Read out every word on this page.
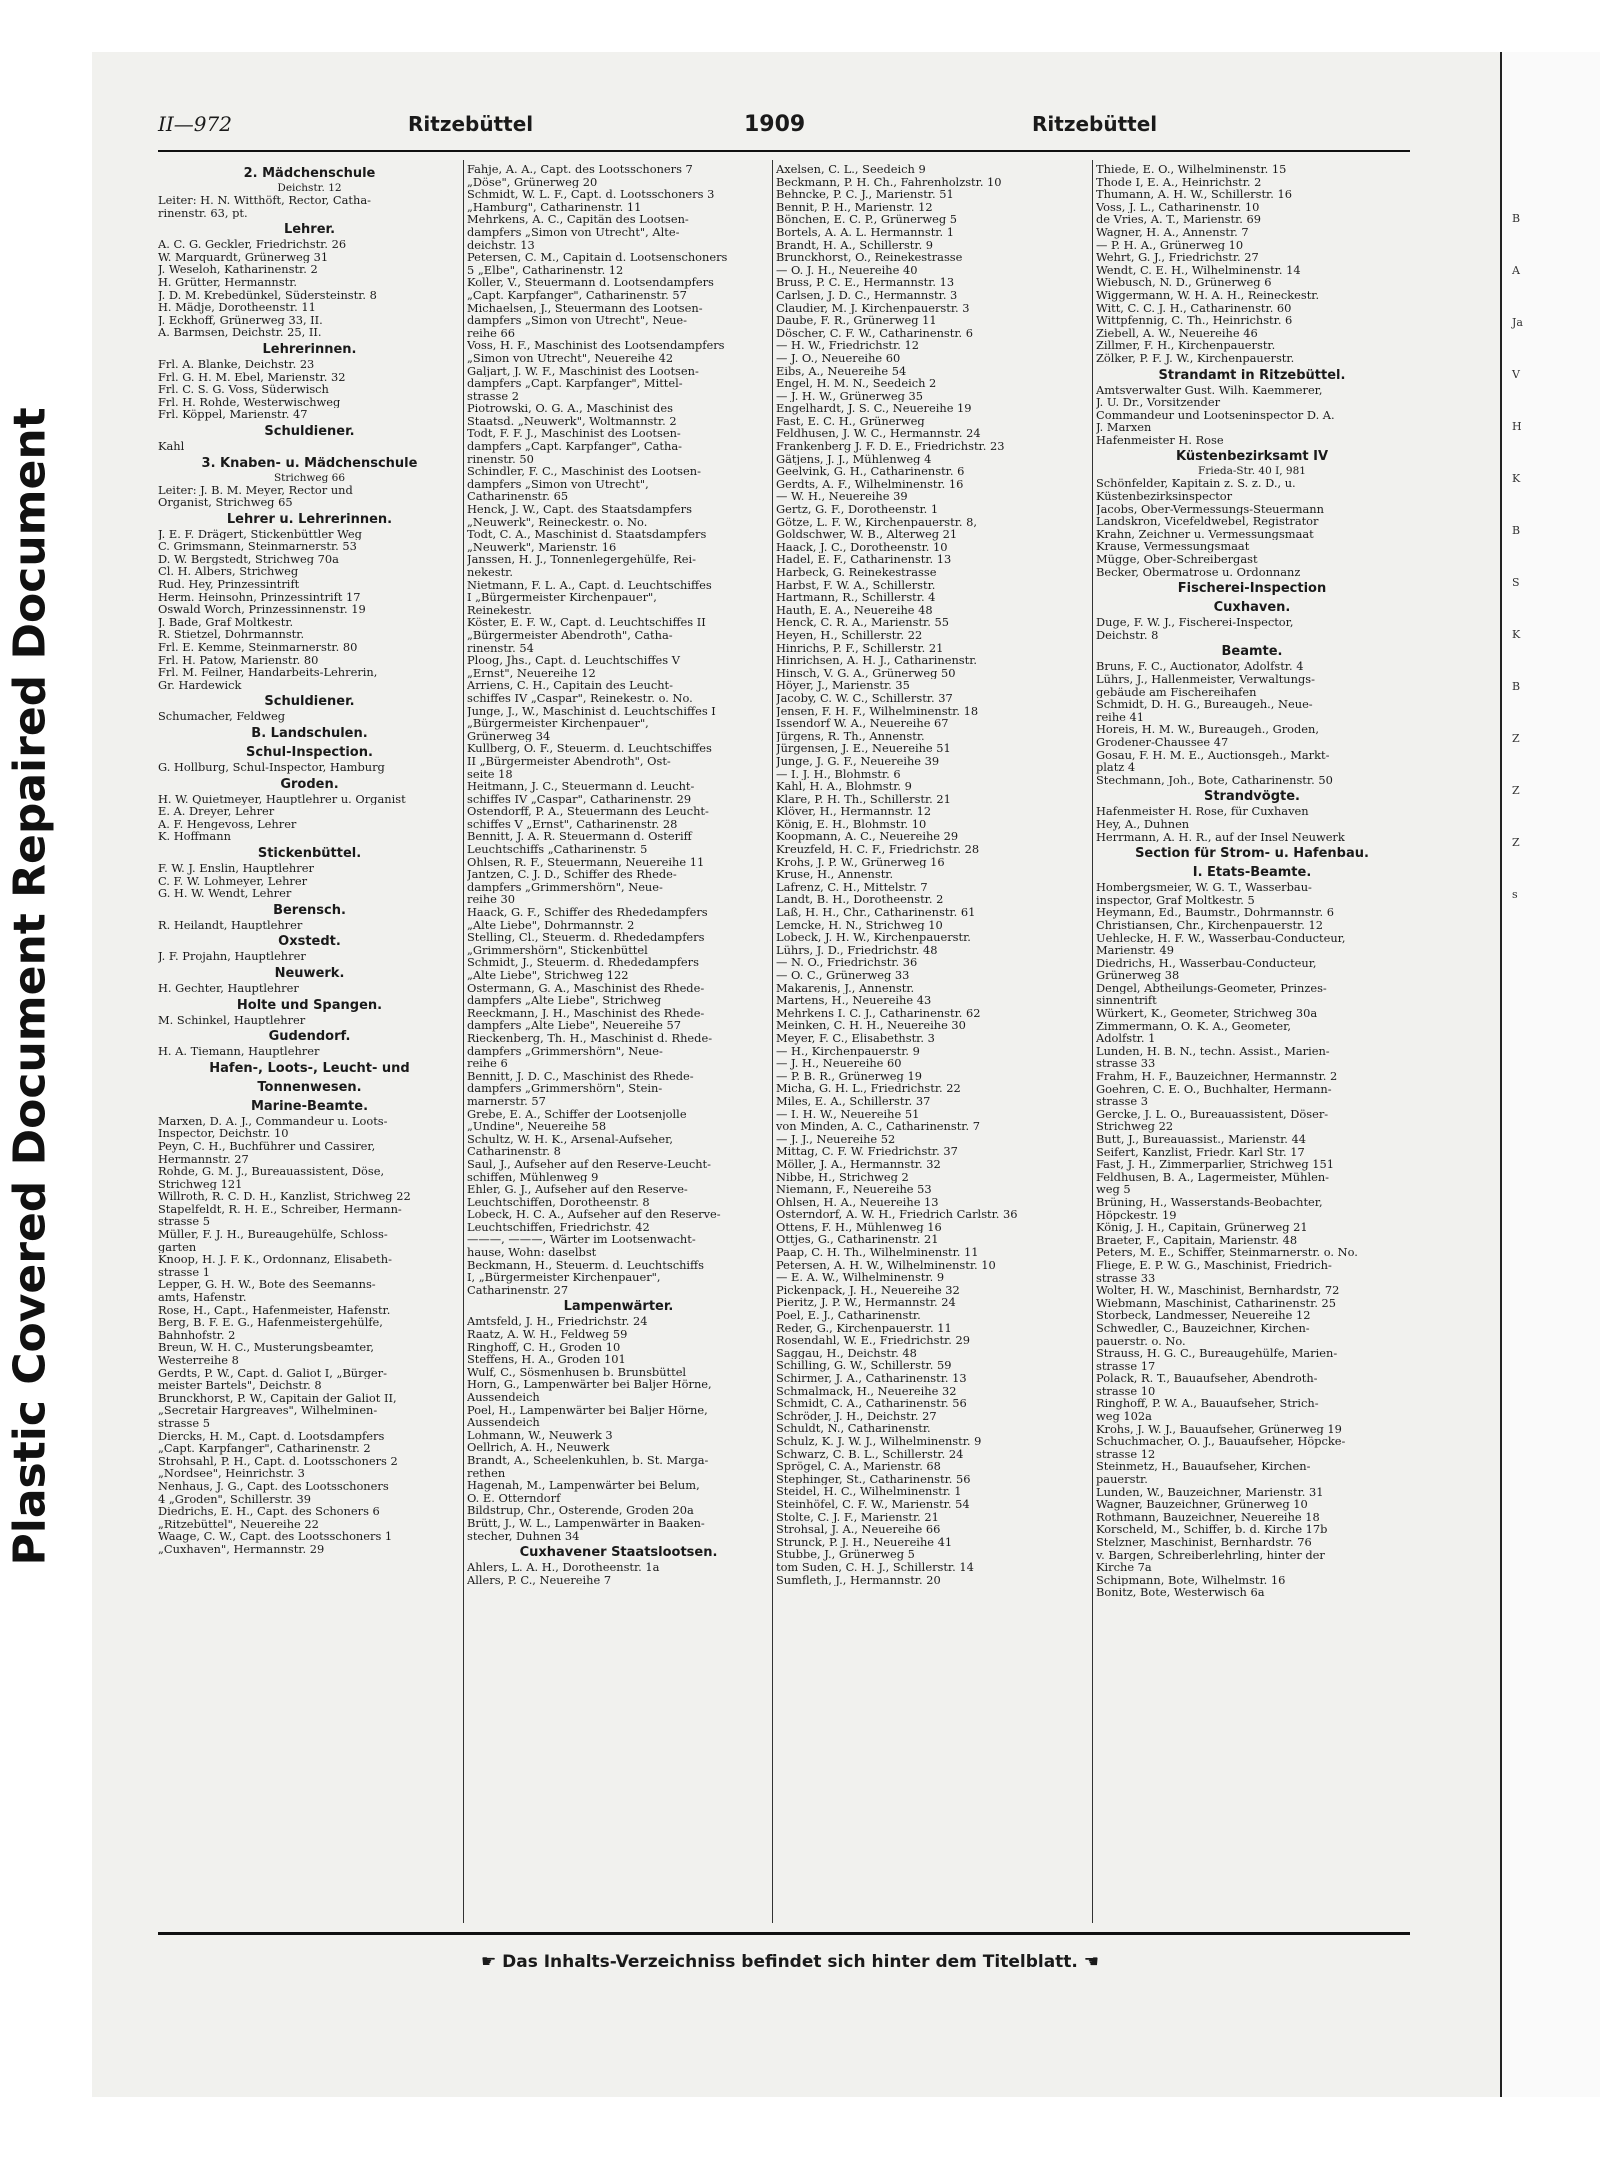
B
A
Ja
V
H
K
B
S
K
B
Z
Z
Z
s
Plastic Covered Document Repaired Document
II—972	Ritzebüttel	1909	Ritzebüttel
2. Mädchenschule
Deichstr. 12
Leiter: H. N. Witthöft, Rector, Catha-
rinenstr. 63, pt.
Lehrer.
A. C. G. Geckler, Friedrichstr. 26
W. Marquardt, Grünerweg 31
J. Weseloh, Katharinenstr. 2
H. Grütter, Hermannstr.
J. D. M. Krebedünkel, Südersteinstr. 8
H. Mädje, Dorotheenstr. 11
J. Eckhoff, Grünerweg 33, II.
A. Barmsen, Deichstr. 25, II.
Lehrerinnen.
Frl. A. Blanke, Deichstr. 23
Frl. G. H. M. Ebel, Marienstr. 32
Frl. C. S. G. Voss, Süderwisch
Frl. H. Rohde, Westerwischweg
Frl. Köppel, Marienstr. 47
Schuldiener.
Kahl
3. Knaben- u. Mädchenschule
Strichweg 66
Leiter: J. B. M. Meyer, Rector und
Organist, Strichweg 65
Lehrer u. Lehrerinnen.
J. E. F. Drägert, Stickenbüttler Weg
C. Grimsmann, Steinmarnerstr. 53
D. W. Bergstedt, Strichweg 70a
Cl. H. Albers, Strichweg
Rud. Hey, Prinzessintrift
Herm. Heinsohn, Prinzessintrift 17
Oswald Worch, Prinzessinnenstr. 19
J. Bade, Graf Moltkestr.
R. Stietzel, Dohrmannstr.
Frl. E. Kemme, Steinmarnerstr. 80
Frl. H. Patow, Marienstr. 80
Frl. M. Feilner, Handarbeits-Lehrerin,
Gr. Hardewick
Schuldiener.
Schumacher, Feldweg
B. Landschulen.
Schul-Inspection.
G. Hollburg, Schul-Inspector, Hamburg
Groden.
H. W. Quietmeyer, Hauptlehrer u. Organist
E. A. Dreyer, Lehrer
A. F. Hengevoss, Lehrer
K. Hoffmann
Stickenbüttel.
F. W. J. Enslin, Hauptlehrer
C. F. W. Lohmeyer, Lehrer
G. H. W. Wendt, Lehrer
Berensch.
R. Heilandt, Hauptlehrer
Oxstedt.
J. F. Projahn, Hauptlehrer
Neuwerk.
H. Gechter, Hauptlehrer
Holte und Spangen.
M. Schinkel, Hauptlehrer
Gudendorf.
H. A. Tiemann, Hauptlehrer
Hafen-, Loots-, Leucht- und
Tonnenwesen.
Marine-Beamte.
Marxen, D. A. J., Commandeur u. Loots-
Inspector, Deichstr. 10
Peyn, C. H., Buchführer und Cassirer,
Hermannstr. 27
Rohde, G. M. J., Bureauassistent, Döse,
Strichweg 121
Willroth, R. C. D. H., Kanzlist, Strichweg 22
Stapelfeldt, R. H. E., Schreiber, Hermann-
strasse 5
Müller, F. J. H., Bureaugehülfe, Schloss-
garten
Knoop, H. J. F. K., Ordonnanz, Elisabeth-
strasse 1
Lepper, G. H. W., Bote des Seemanns-
amts, Hafenstr.
Rose, H., Capt., Hafenmeister, Hafenstr.
Berg, B. F. E. G., Hafenmeistergehülfe,
Bahnhofstr. 2
Breun, W. H. C., Musterungsbeamter,
Westerreihe 8
Gerdts, P. W., Capt. d. Galiot I, „Bürger-
meister Bartels", Deichstr. 8
Brunckhorst, P. W., Capitain der Galiot II,
„Secretair Hargreaves", Wilhelminen-
strasse 5
Diercks, H. M., Capt. d. Lootsdampfers
„Capt. Karpfanger", Catharinenstr. 2
Strohsahl, P. H., Capt. d. Lootsschoners 2
„Nordsee", Heinrichstr. 3
Nenhaus, J. G., Capt. des Lootsschoners
4 „Groden", Schillerstr. 39
Diedrichs, E. H., Capt. des Schoners 6
„Ritzebüttel", Neuereihe 22
Waage, C. W., Capt. des Lootsschoners 1
„Cuxhaven", Hermannstr. 29
Fahje, A. A., Capt. des Lootsschoners 7
„Döse", Grünerweg 20
Schmidt, W. L. F., Capt. d. Lootsschoners 3
„Hamburg", Catharinenstr. 11
Mehrkens, A. C., Capitän des Lootsen-
dampfers „Simon von Utrecht", Alte-
deichstr. 13
Petersen, C. M., Capitain d. Lootsenschoners
5 „Elbe", Catharinenstr. 12
Koller, V., Steuermann d. Lootsendampfers
„Capt. Karpfanger", Catharinenstr. 57
Michaelsen, J., Steuermann des Lootsen-
dampfers „Simon von Utrecht", Neue-
reihe 66
Voss, H. F., Maschinist des Lootsendampfers
„Simon von Utrecht", Neuereihe 42
Galjart, J. W. F., Maschinist des Lootsen-
dampfers „Capt. Karpfanger", Mittel-
strasse 2
Piotrowski, O. G. A., Maschinist des
Staatsd. „Neuwerk", Woltmannstr. 2
Todt, F. F. J., Maschinist des Lootsen-
dampfers „Capt. Karpfanger", Catha-
rinenstr. 50
Schindler, F. C., Maschinist des Lootsen-
dampfers „Simon von Utrecht",
Catharinenstr. 65
Henck, J. W., Capt. des Staatsdampfers
„Neuwerk", Reineckestr. o. No.
Todt, C. A., Maschinist d. Staatsdampfers
„Neuwerk", Marienstr. 16
Janssen, H. J., Tonnenlegergehülfe, Rei-
nekestr.
Nietmann, F. L. A., Capt. d. Leuchtschiffes
I „Bürgermeister Kirchenpauer",
Reinekestr.
Köster, E. F. W., Capt. d. Leuchtschiffes II
„Bürgermeister Abendroth", Catha-
rinenstr. 54
Ploog, Jhs., Capt. d. Leuchtschiffes V
„Ernst", Neuereihe 12
Arriens, C. H., Capitain des Leucht-
schiffes IV „Caspar", Reinekestr. o. No.
Junge, J., W., Maschinist d. Leuchtschiffes I
„Bürgermeister Kirchenpauer",
Grünerweg 34
Kullberg, O. F., Steuerm. d. Leuchtschiffes
II „Bürgermeister Abendroth", Ost-
seite 18
Heitmann, J. C., Steuermann d. Leucht-
schiffes IV „Caspar", Catharinenstr. 29
Ostendorff, P. A., Steuermann des Leucht-
schiffes V „Ernst", Catharinenstr. 28
Bennitt, J. A. R. Steuermann d. Osteriff
Leuchtschiffs „Catharinenstr. 5
Ohlsen, R. F., Steuermann, Neuereihe 11
Jantzen, C. J. D., Schiffer des Rhede-
dampfers „Grimmershörn", Neue-
reihe 30
Haack, G. F., Schiffer des Rhededampfers
„Alte Liebe", Dohrmannstr. 2
Stelling, Cl., Steuerm. d. Rhededampfers
„Grimmershörn", Stickenbüttel
Schmidt, J., Steuerm. d. Rhededampfers
„Alte Liebe", Strichweg 122
Ostermann, G. A., Maschinist des Rhede-
dampfers „Alte Liebe", Strichweg
Reeckmann, J. H., Maschinist des Rhede-
dampfers „Alte Liebe", Neuereihe 57
Rieckenberg, Th. H., Maschinist d. Rhede-
dampfers „Grimmershörn", Neue-
reihe 6
Bennitt, J. D. C., Maschinist des Rhede-
dampfers „Grimmershörn", Stein-
marnerstr. 57
Grebe, E. A., Schiffer der Lootsenjolle
„Undine", Neuereihe 58
Schultz, W. H. K., Arsenal-Aufseher,
Catharinenstr. 8
Saul, J., Aufseher auf den Reserve-Leucht-
schiffen, Mühlenweg 9
Ehler, G. J., Aufseher auf den Reserve-
Leuchtschiffen, Dorotheenstr. 8
Lobeck, H. C. A., Aufseher auf den Reserve-
Leuchtschiffen, Friedrichstr. 42
———, ———, Wärter im Lootsenwacht-
hause, Wohn: daselbst
Beckmann, H., Steuerm. d. Leuchtschiffs
I, „Bürgermeister Kirchenpauer",
Catharinenstr. 27
Lampenwärter.
Amtsfeld, J. H., Friedrichstr. 24
Raatz, A. W. H., Feldweg 59
Ringhoff, C. H., Groden 10
Steffens, H. A., Groden 101
Wulf, C., Sösmenhusen b. Brunsbüttel
Horn, G., Lampenwärter bei Baljer Hörne,
Aussendeich
Poel, H., Lampenwärter bei Baljer Hörne,
Aussendeich
Lohmann, W., Neuwerk 3
Oellrich, A. H., Neuwerk
Brandt, A., Scheelenkuhlen, b. St. Marga-
rethen
Hagenah, M., Lampenwärter bei Belum,
O. E. Otterndorf
Bildstrup, Chr., Osterende, Groden 20a
Brütt, J., W. L., Lampenwärter in Baaken-
stecher, Duhnen 34
Cuxhavener Staatslootsen.
Ahlers, L. A. H., Dorotheenstr. 1a
Allers, P. C., Neuereihe 7
Axelsen, C. L., Seedeich 9
Beckmann, P. H. Ch., Fahrenholzstr. 10
Behncke, P. C. J., Marienstr. 51
Bennit, P. H., Marienstr. 12
Bönchen, E. C. P., Grünerweg 5
Bortels, A. A. L. Hermannstr. 1
Brandt, H. A., Schillerstr. 9
Brunckhorst, O., Reinekestrasse
— O. J. H., Neuereihe 40
Bruss, P. C. E., Hermannstr. 13
Carlsen, J. D. C., Hermannstr. 3
Claudier, M. J. Kirchenpauerstr. 3
Daube, F. R., Grünerweg 11
Döscher, C. F. W., Catharinenstr. 6
— H. W., Friedrichstr. 12
— J. O., Neuereihe 60
Eibs, A., Neuereihe 54
Engel, H. M. N., Seedeich 2
— J. H. W., Grünerweg 35
Engelhardt, J. S. C., Neuereihe 19
Fast, E. C. H., Grünerweg
Feldhusen, J. W. C., Hermannstr. 24
Frankenberg J. F. D. E., Friedrichstr. 23
Gätjens, J. J., Mühlenweg 4
Geelvink, G. H., Catharinenstr. 6
Gerdts, A. F., Wilhelminenstr. 16
— W. H., Neuereihe 39
Gertz, G. F., Dorotheenstr. 1
Götze, L. F. W., Kirchenpauerstr. 8,
Goldschwer, W. B., Alterweg 21
Haack, J. C., Dorotheenstr. 10
Hadel, E. F., Catharinenstr. 13
Harbeck, G. Reinekestrasse
Harbst, F. W. A., Schillerstr.
Hartmann, R., Schillerstr. 4
Hauth, E. A., Neuereihe 48
Henck, C. R. A., Marienstr. 55
Heyen, H., Schillerstr. 22
Hinrichs, P. F., Schillerstr. 21
Hinrichsen, A. H. J., Catharinenstr.
Hinsch, V. G. A., Grünerweg 50
Höyer, J., Marienstr. 35
Jacoby, C. W. C., Schillerstr. 37
Jensen, F. H. F., Wilhelminenstr. 18
Issendorf W. A., Neuereihe 67
Jürgens, R. Th., Annenstr.
Jürgensen, J. E., Neuereihe 51
Junge, J. G. F., Neuereihe 39
— I. J. H., Blohmstr. 6
Kahl, H. A., Blohmstr. 9
Klare, P. H. Th., Schillerstr. 21
Klöver, H., Hermannstr. 12
König, E. H., Blohmstr. 10
Koopmann, A. C., Neuereihe 29
Kreuzfeld, H. C. F., Friedrichstr. 28
Krohs, J. P. W., Grünerweg 16
Kruse, H., Annenstr.
Lafrenz, C. H., Mittelstr. 7
Landt, B. H., Dorotheenstr. 2
Laß, H. H., Chr., Catharinenstr. 61
Lemcke, H. N., Strichweg 10
Lobeck, J. H. W., Kirchenpauerstr.
Lührs, J. D., Friedrichstr. 48
— N. O., Friedrichstr. 36
— O. C., Grünerweg 33
Makarenis, J., Annenstr.
Martens, H., Neuereihe 43
Mehrkens I. C. J., Catharinenstr. 62
Meinken, C. H. H., Neuereihe 30
Meyer, F. C., Elisabethstr. 3
— H., Kirchenpauerstr. 9
— J. H., Neuereihe 60
— P. B. R., Grünerweg 19
Micha, G. H. L., Friedrichstr. 22
Miles, E. A., Schillerstr. 37
— I. H. W., Neuereihe 51
von Minden, A. C., Catharinenstr. 7
— J. J., Neuereihe 52
Mittag, C. F. W. Friedrichstr. 37
Möller, J. A., Hermannstr. 32
Nibbe, H., Strichweg 2
Niemann, F., Neuereihe 53
Ohlsen, H. A., Neuereihe 13
Osterndorf, A. W. H., Friedrich Carlstr. 36
Ottens, F. H., Mühlenweg 16
Ottjes, G., Catharinenstr. 21
Paap, C. H. Th., Wilhelminenstr. 11
Petersen, A. H. W., Wilhelminenstr. 10
— E. A. W., Wilhelminenstr. 9
Pickenpack, J. H., Neuereihe 32
Pieritz, J. P. W., Hermannstr. 24
Poel, E. J., Catharinenstr.
Reder, G., Kirchenpauerstr. 11
Rosendahl, W. E., Friedrichstr. 29
Saggau, H., Deichstr. 48
Schilling, G. W., Schillerstr. 59
Schirmer, J. A., Catharinenstr. 13
Schmalmack, H., Neuereihe 32
Schmidt, C. A., Catharinenstr. 56
Schröder, J. H., Deichstr. 27
Schuldt, N., Catharinenstr.
Schulz, K. J. W. J., Wilhelminenstr. 9
Schwarz, C. B. L., Schillerstr. 24
Sprögel, C. A., Marienstr. 68
Stephinger, St., Catharinenstr. 56
Steidel, H. C., Wilhelminenstr. 1
Steinhöfel, C. F. W., Marienstr. 54
Stolte, C. J. F., Marienstr. 21
Strohsal, J. A., Neuereihe 66
Strunck, P. J. H., Neuereihe 41
Stubbe, J., Grünerweg 5
tom Suden, C. H. J., Schillerstr. 14
Sumfleth, J., Hermannstr. 20
Thiede, E. O., Wilhelminenstr. 15
Thode I, E. A., Heinrichstr. 2
Thumann, A. H. W., Schillerstr. 16
Voss, J. L., Catharinenstr. 10
de Vries, A. T., Marienstr. 69
Wagner, H. A., Annenstr. 7
— P. H. A., Grünerweg 10
Wehrt, G. J., Friedrichstr. 27
Wendt, C. E. H., Wilhelminenstr. 14
Wiebusch, N. D., Grünerweg 6
Wiggermann, W. H. A. H., Reineckestr.
Witt, C. C. J. H., Catharinenstr. 60
Wittpfennig, C. Th., Heinrichstr. 6
Ziebell, A. W., Neuereihe 46
Zillmer, F. H., Kirchenpauerstr.
Zölker, P. F. J. W., Kirchenpauerstr.
Strandamt in Ritzebüttel.
Amtsverwalter Gust. Wilh. Kaemmerer,
J. U. Dr., Vorsitzender
Commandeur und Lootseninspector D. A.
J. Marxen
Hafenmeister H. Rose
Küstenbezirksamt IV
Frieda-Str. 40 I, 981
Schönfelder, Kapitain z. S. z. D., u.
Küstenbezirksinspector
Jacobs, Ober-Vermessungs-Steuermann
Landskron, Vicefeldwebel, Registrator
Krahn, Zeichner u. Vermessungsmaat
Krause, Vermessungsmaat
Mügge, Ober-Schreibergast
Becker, Obermatrose u. Ordonnanz
Fischerei-Inspection
Cuxhaven.
Duge, F. W. J., Fischerei-Inspector,
Deichstr. 8
Beamte.
Bruns, F. C., Auctionator, Adolfstr. 4
Lührs, J., Hallenmeister, Verwaltungs-
gebäude am Fischereihafen
Schmidt, D. H. G., Bureaugeh., Neue-
reihe 41
Horeis, H. M. W., Bureaugeh., Groden,
Grodener-Chaussee 47
Gosau, F. H. M. E., Auctionsgeh., Markt-
platz 4
Stechmann, Joh., Bote, Catharinenstr. 50
Strandvögte.
Hafenmeister H. Rose, für Cuxhaven
Hey, A., Duhnen
Herrmann, A. H. R., auf der Insel Neuwerk
Section für Strom- u. Hafenbau.
I. Etats-Beamte.
Hombergsmeier, W. G. T., Wasserbau-
inspector, Graf Moltkestr. 5
Heymann, Ed., Baumstr., Dohrmannstr. 6
Christiansen, Chr., Kirchenpauerstr. 12
Uehlecke, H. F. W., Wasserbau-Conducteur,
Marienstr. 49
Diedrichs, H., Wasserbau-Conducteur,
Grünerweg 38
Dengel, Abtheilungs-Geometer, Prinzes-
sinnentrift
Würkert, K., Geometer, Strichweg 30a
Zimmermann, O. K. A., Geometer,
Adolfstr. 1
Lunden, H. B. N., techn. Assist., Marien-
strasse 33
Frahm, H. F., Bauzeichner, Hermannstr. 2
Goehren, C. E. O., Buchhalter, Hermann-
strasse 3
Gercke, J. L. O., Bureauassistent, Döser-
Strichweg 22
Butt, J., Bureauassist., Marienstr. 44
Seifert, Kanzlist, Friedr. Karl Str. 17
Fast, J. H., Zimmerparlier, Strichweg 151
Feldhusen, B. A., Lagermeister, Mühlen-
weg 5
Brüning, H., Wasserstands-Beobachter,
Höpckestr. 19
König, J. H., Capitain, Grünerweg 21
Braeter, F., Capitain, Marienstr. 48
Peters, M. E., Schiffer, Steinmarnerstr. o. No.
Fliege, E. P. W. G., Maschinist, Friedrich-
strasse 33
Wolter, H. W., Maschinist, Bernhardstr, 72
Wiebmann, Maschinist, Catharinenstr. 25
Storbeck, Landmesser, Neuereihe 12
Schwedler, C., Bauzeichner, Kirchen-
pauerstr. o. No.
Strauss, H. G. C., Bureaugehülfe, Marien-
strasse 17
Polack, R. T., Bauaufseher, Abendroth-
strasse 10
Ringhoff, P. W. A., Bauaufseher, Strich-
weg 102a
Krohs, J. W. J., Bauaufseher, Grünerweg 19
Schuchmacher, O. J., Bauaufseher, Höpcke-
strasse 12
Steinmetz, H., Bauaufseher, Kirchen-
pauerstr.
Lunden, W., Bauzeichner, Marienstr. 31
Wagner, Bauzeichner, Grünerweg 10
Rothmann, Bauzeichner, Neuereihe 18
Korscheld, M., Schiffer, b. d. Kirche 17b
Stelzner, Maschinist, Bernhardstr. 76
v. Bargen, Schreiberlehrling, hinter der
Kirche 7a
Schipmann, Bote, Wilhelmstr. 16
Bonitz, Bote, Westerwisch 6a
☛ Das Inhalts-Verzeichniss befindet sich hinter dem Titelblatt. ☚
